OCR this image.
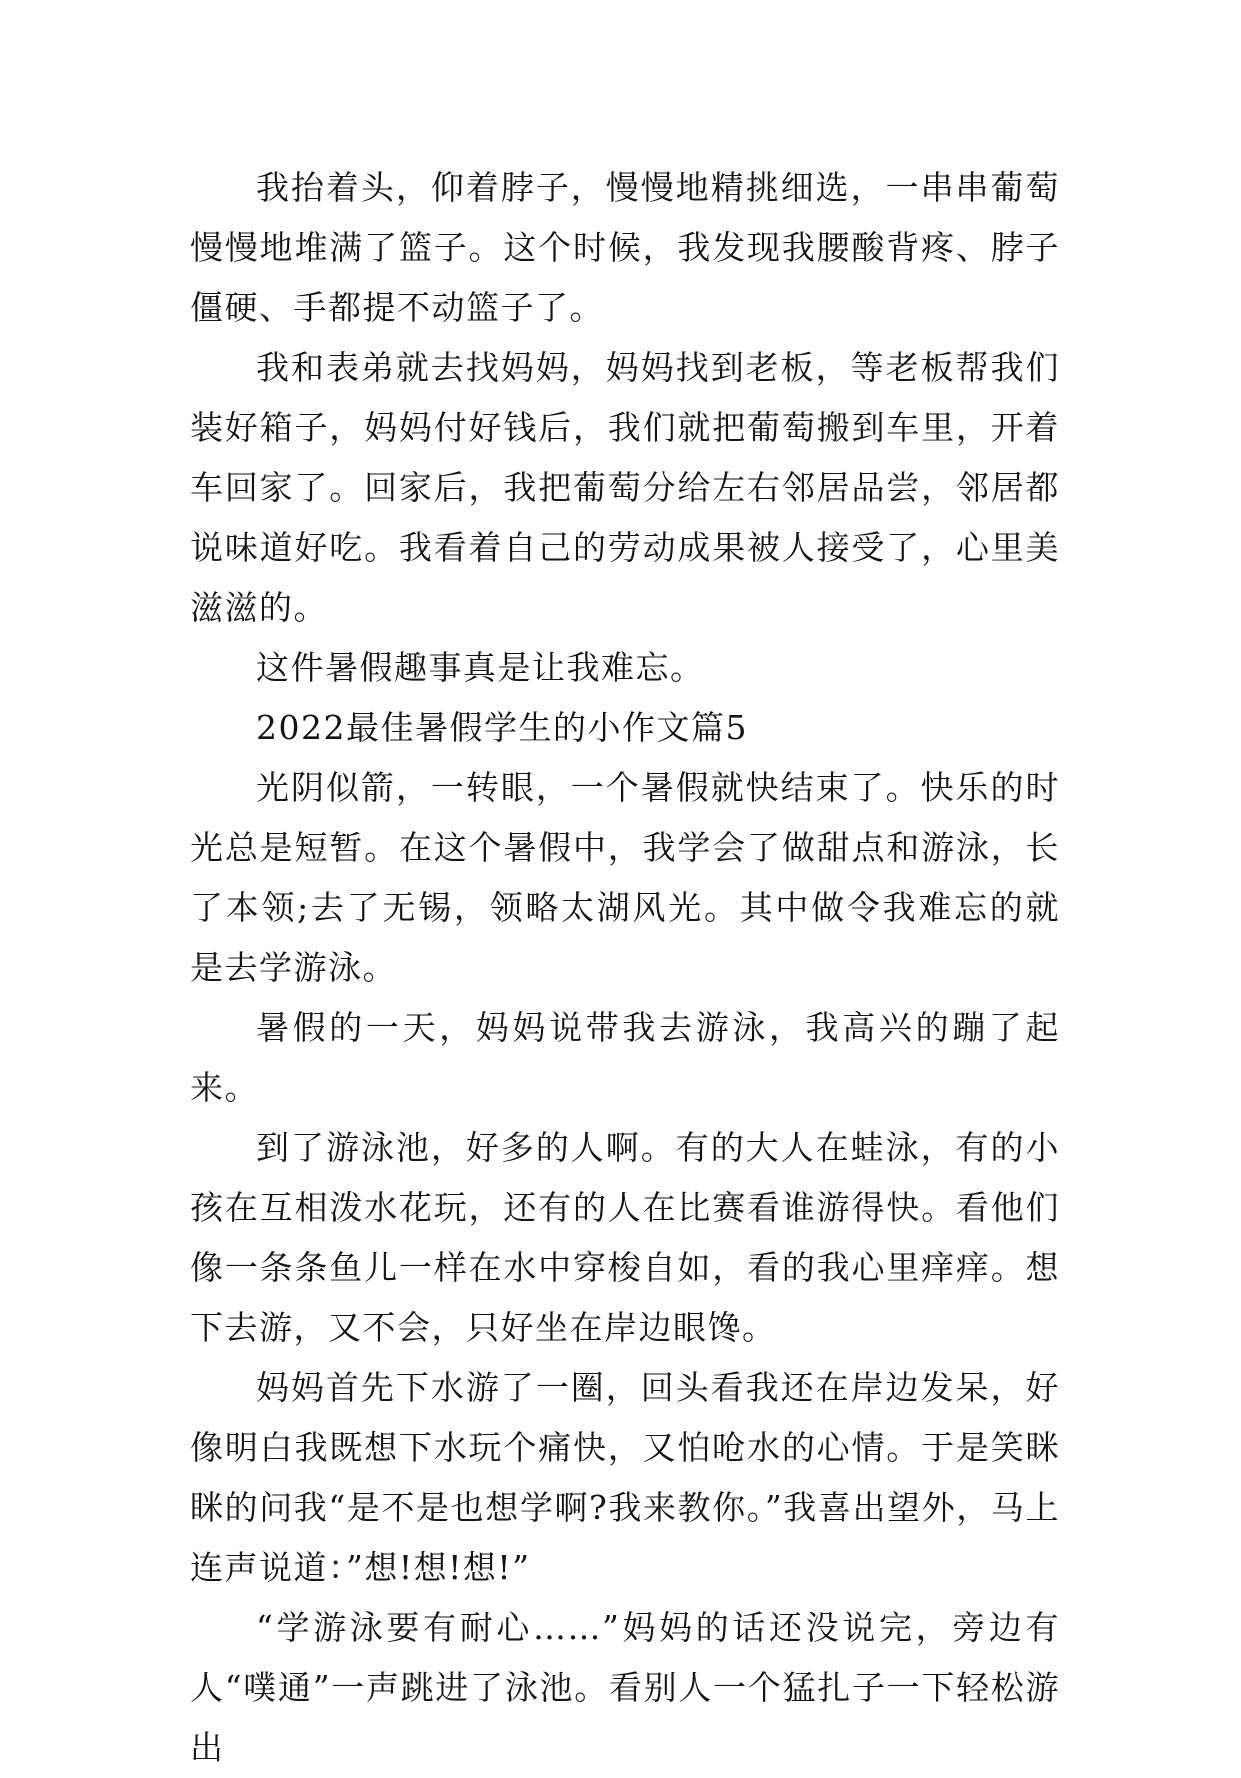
我抬着头，仰着脖子，慢慢地精挑细选，一串串葡萄慢慢地堆满了篮子。这个时候，我发现我腰酸背疼、脖子僵硬、手都提不动篮子了。

我和表弟就去找妈妈，妈妈找到老板，等老板帮我们装好箱子，妈妈付好钱后，我们就把葡萄搬到车里，开着车回家了。回家后，我把葡萄分给左右邻居品尝，邻居都说味道好吃。我看着自己的劳动成果被人接受了，心里美滋滋的。

这件暑假趣事真是让我难忘。

2022最佳暑假学生的小作文篇5

光阴似箭，一转眼，一个暑假就快结束了。快乐的时光总是短暂。在这个暑假中，我学会了做甜点和游泳，长了本领;去了无锡，领略太湖风光。其中做令我难忘的就是去学游泳。

暑假的一天，妈妈说带我去游泳，我高兴的蹦了起来。

到了游泳池，好多的人啊。有的大人在蛙泳，有的小孩在互相泼水花玩，还有的人在比赛看谁游得快。看他们像一条条鱼儿一样在水中穿梭自如，看的我心里痒痒。想下去游，又不会，只好坐在岸边眼馋。

妈妈首先下水游了一圈，回头看我还在岸边发呆，好像明白我既想下水玩个痛快，又怕呛水的心情。于是笑眯眯的问我“是不是也想学啊?我来教你。”我喜出望外，马上连声说道：”想!想!想!”

“学游泳要有耐心……”妈妈的话还没说完，旁边有人“噗通”一声跳进了泳池。看别人一个猛扎子一下轻松游出
